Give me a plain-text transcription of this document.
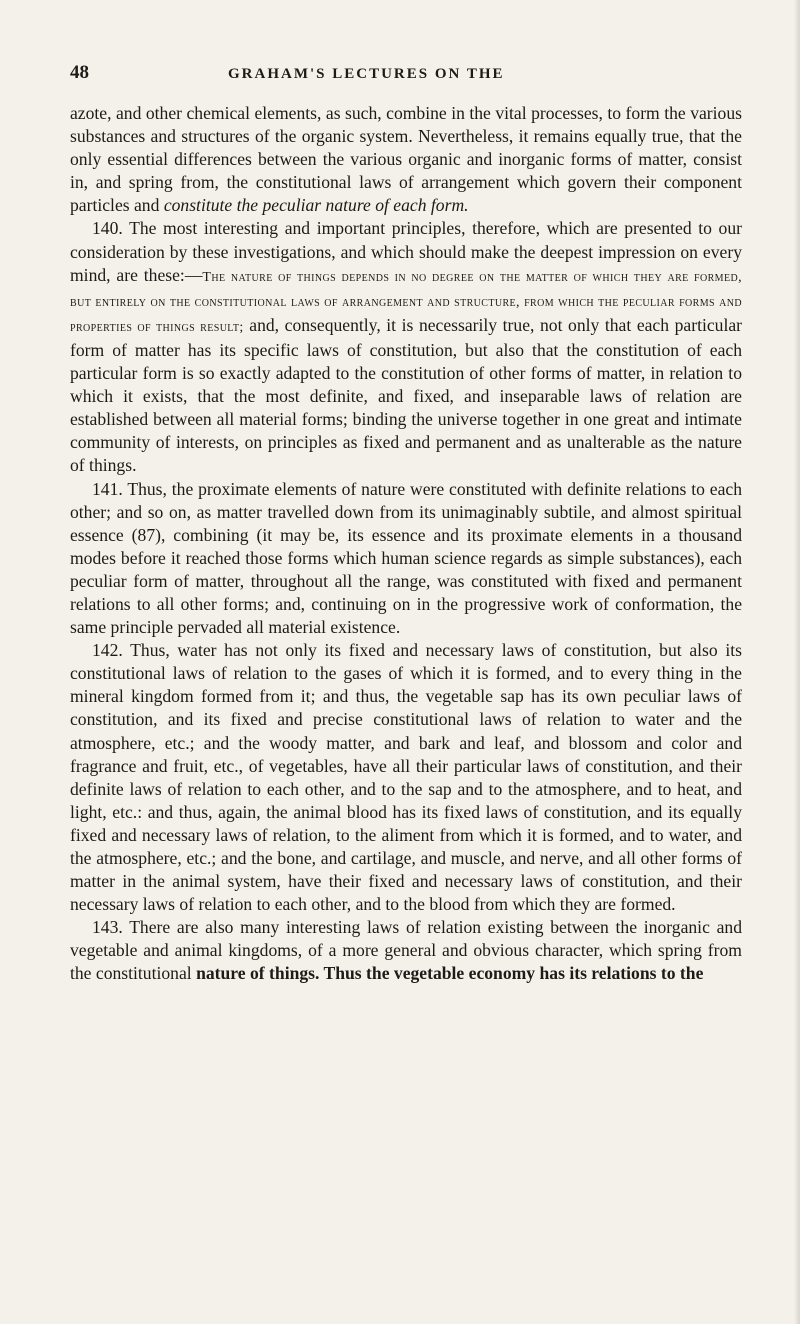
48	GRAHAM'S LECTURES ON THE

azote, and other chemical elements, as such, combine in the vital processes, to form the various substances and structures of the organic system. Nevertheless, it remains equally true, that the only essential differences between the various organic and inorganic forms of matter, consist in, and spring from, the constitutional laws of arrangement which govern their component particles and constitute the peculiar nature of each form.

140. The most interesting and important principles, therefore, which are presented to our consideration by these investigations, and which should make the deepest impression on every mind, are these:—The nature of things depends in no degree on the matter of which they are formed, but entirely on the constitutional laws of arrangement and structure, from which the peculiar forms and properties of things result; and, consequently, it is necessarily true, not only that each particular form of matter has its specific laws of constitution, but also that the constitution of each particular form is so exactly adapted to the constitution of other forms of matter, in relation to which it exists, that the most definite, and fixed, and inseparable laws of relation are established between all material forms; binding the universe together in one great and intimate community of interests, on principles as fixed and permanent and as unalterable as the nature of things.

141. Thus, the proximate elements of nature were constituted with definite relations to each other; and so on, as matter travelled down from its unimaginably subtile, and almost spiritual essence (87), combining (it may be, its essence and its proximate elements in a thousand modes before it reached those forms which human science regards as simple substances), each peculiar form of matter, throughout all the range, was constituted with fixed and permanent relations to all other forms; and, continuing on in the progressive work of conformation, the same principle pervaded all material existence.

142. Thus, water has not only its fixed and necessary laws of constitution, but also its constitutional laws of relation to the gases of which it is formed, and to every thing in the mineral kingdom formed from it; and thus, the vegetable sap has its own peculiar laws of constitution, and its fixed and precise constitutional laws of relation to water and the atmosphere, etc.; and the woody matter, and bark and leaf, and blossom and color and fragrance and fruit, etc., of vegetables, have all their particular laws of constitution, and their definite laws of relation to each other, and to the sap and to the atmosphere, and to heat, and light, etc.: and thus, again, the animal blood has its fixed laws of constitution, and its equally fixed and necessary laws of relation, to the aliment from which it is formed, and to water, and the atmosphere, etc.; and the bone, and cartilage, and muscle, and nerve, and all other forms of matter in the animal system, have their fixed and necessary laws of constitution, and their necessary laws of relation to each other, and to the blood from which they are formed.

143. There are also many interesting laws of relation existing between the inorganic and vegetable and animal kingdoms, of a more general and obvious character, which spring from the constitutional nature of things. Thus the vegetable economy has its relations to the
